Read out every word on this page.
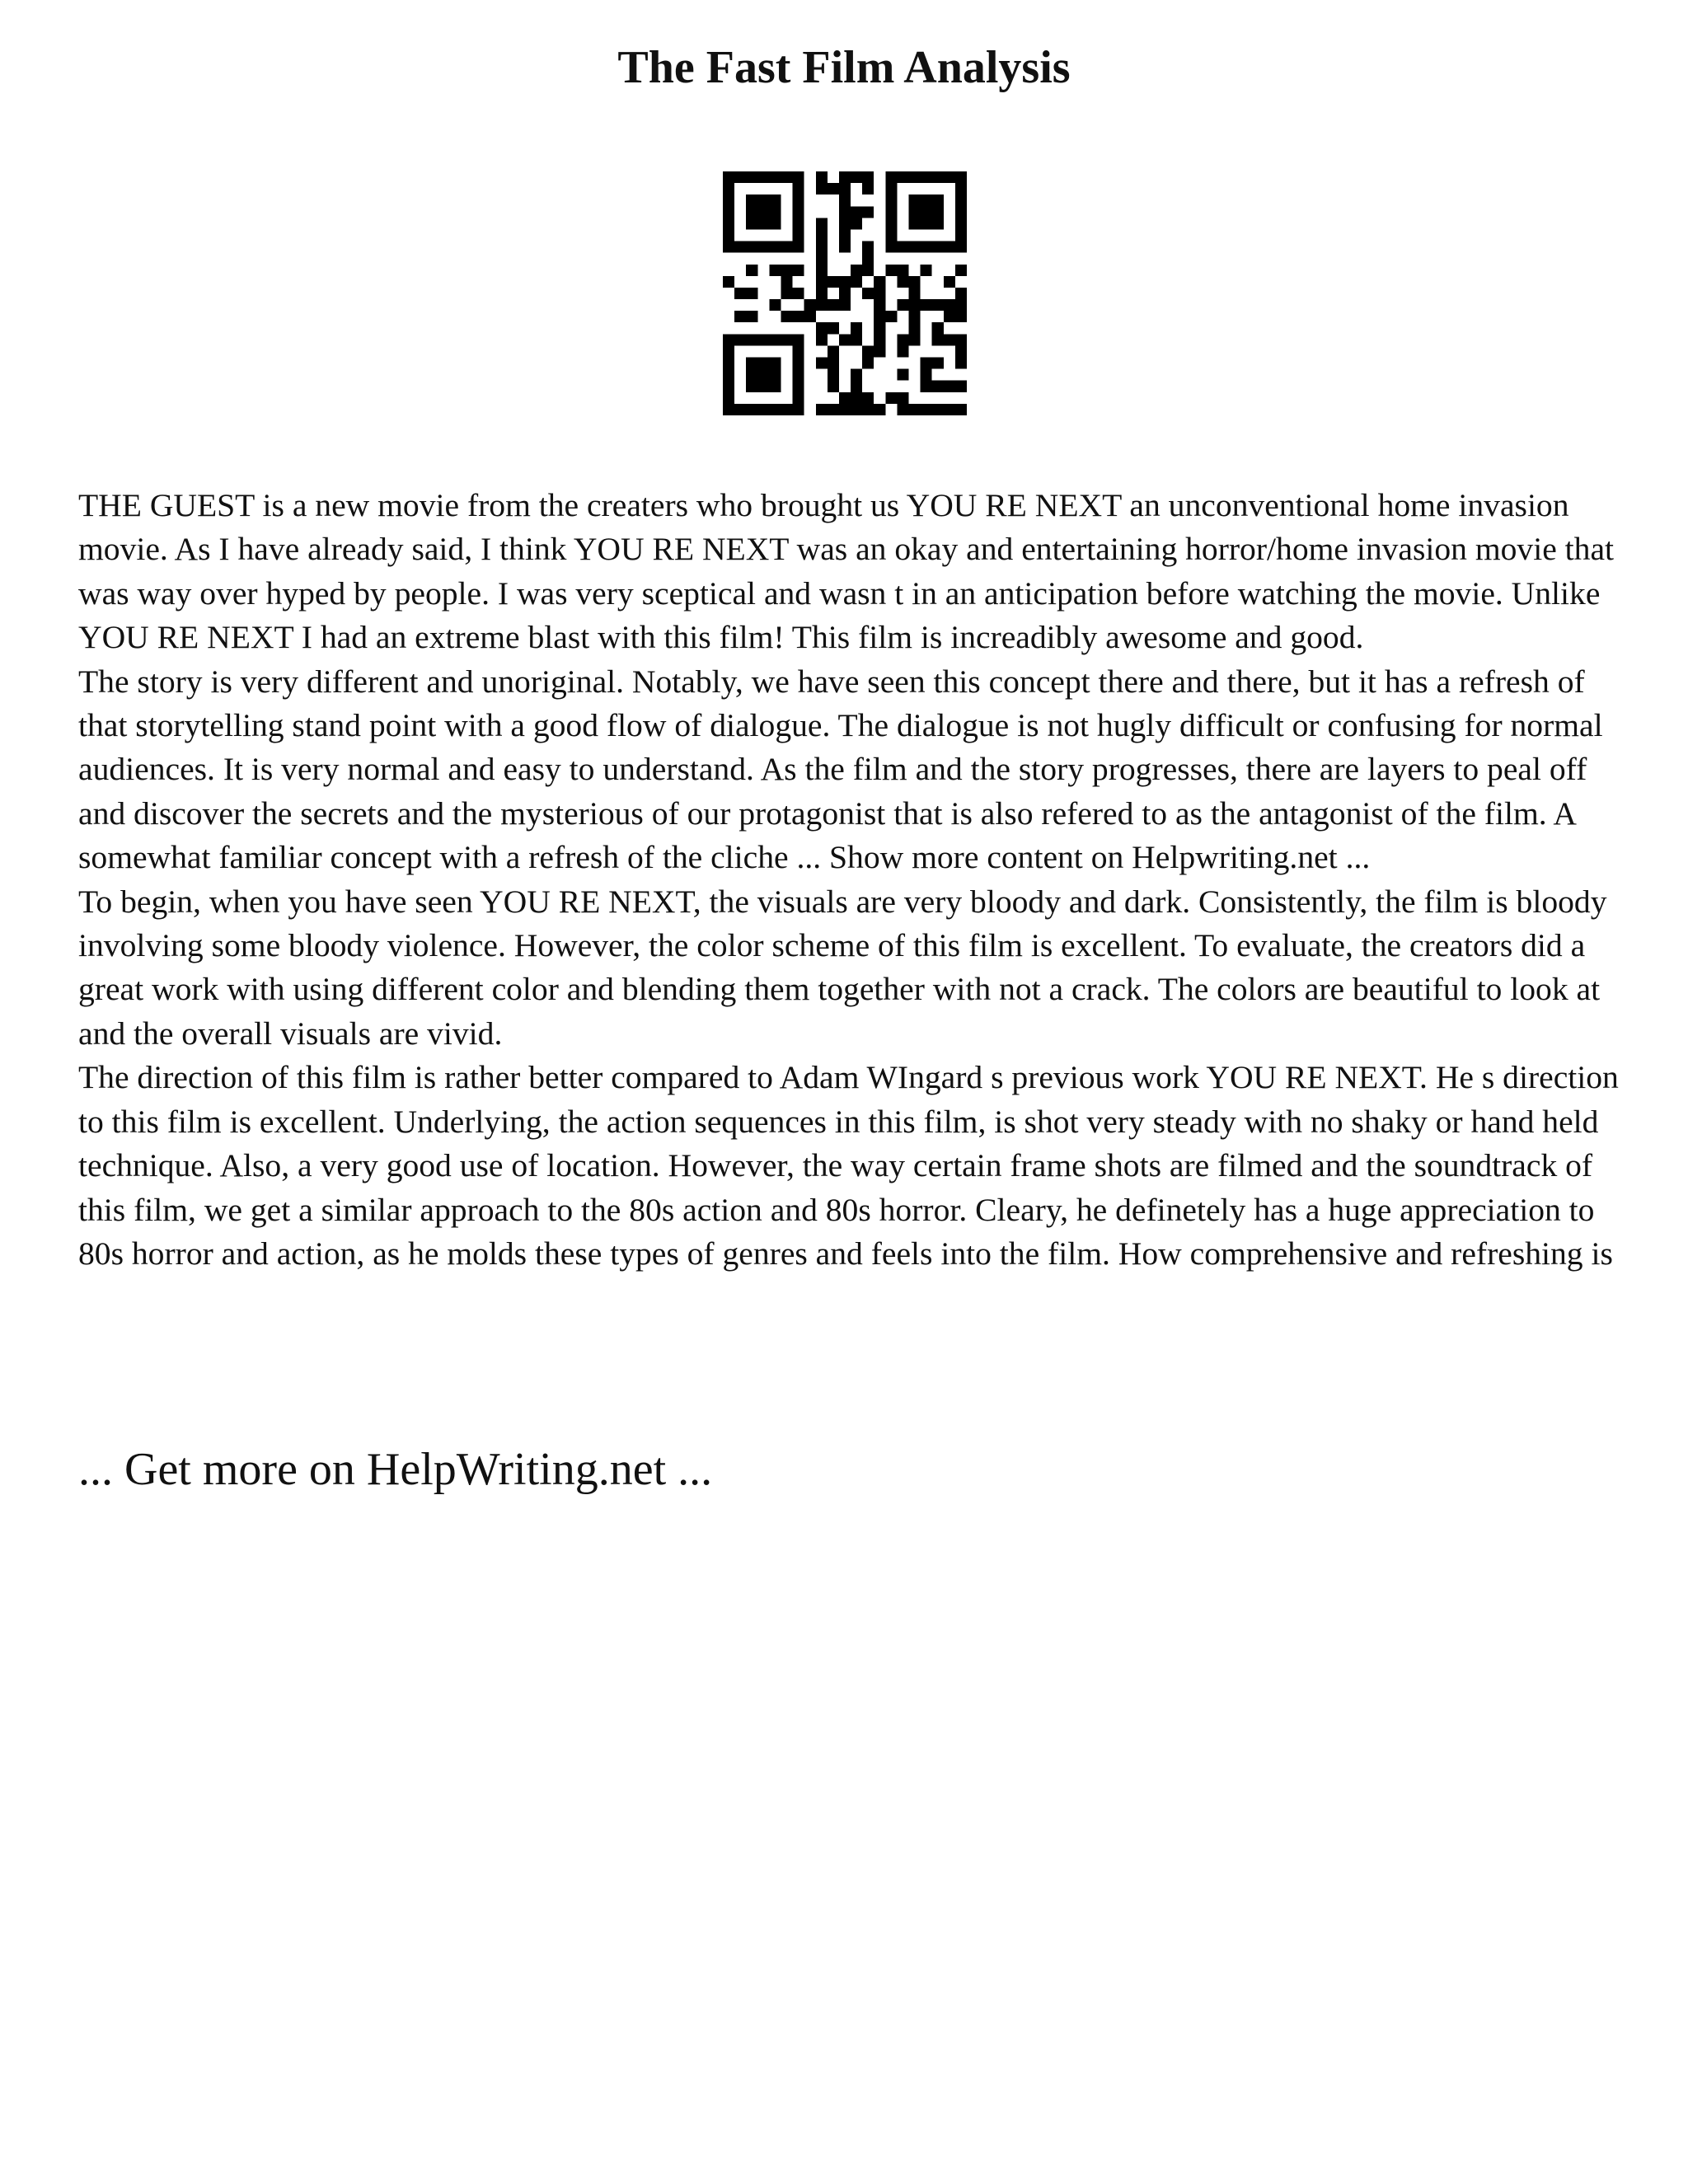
The Fast Film Analysis

THE GUEST is a new movie from the creaters who brought us YOU RE NEXT an unconventional home invasion movie. As I have already said, I think YOU RE NEXT was an okay and entertaining horror/home invasion movie that was way over hyped by people. I was very sceptical and wasn t in an anticipation before watching the movie. Unlike YOU RE NEXT I had an extreme blast with this film! This film is increadibly awesome and good.

The story is very different and unoriginal. Notably, we have seen this concept there and there, but it has a refresh of that storytelling stand point with a good flow of dialogue. The dialogue is not hugly difficult or confusing for normal audiences. It is very normal and easy to understand. As the film and the story progresses, there are layers to peal off and discover the secrets and the mysterious of our protagonist that is also refered to as the antagonist of the film. A somewhat familiar concept with a refresh of the cliche ... Show more content on Helpwriting.net ...

To begin, when you have seen YOU RE NEXT, the visuals are very bloody and dark. Consistently, the film is bloody involving some bloody violence. However, the color scheme of this film is excellent. To evaluate, the creators did a great work with using different color and blending them together with not a crack. The colors are beautiful to look at and the overall visuals are vivid.

The direction of this film is rather better compared to Adam WIngard s previous work YOU RE NEXT. He s direction to this film is excellent. Underlying, the action sequences in this film, is shot very steady with no shaky or hand held technique. Also, a very good use of location. However, the way certain frame shots are filmed and the soundtrack of this film, we get a similar approach to the 80s action and 80s horror. Cleary, he definetely has a huge appreciation to 80s horror and action, as he molds these types of genres and feels into the film. How comprehensive and refreshing is

... Get more on HelpWriting.net ...
